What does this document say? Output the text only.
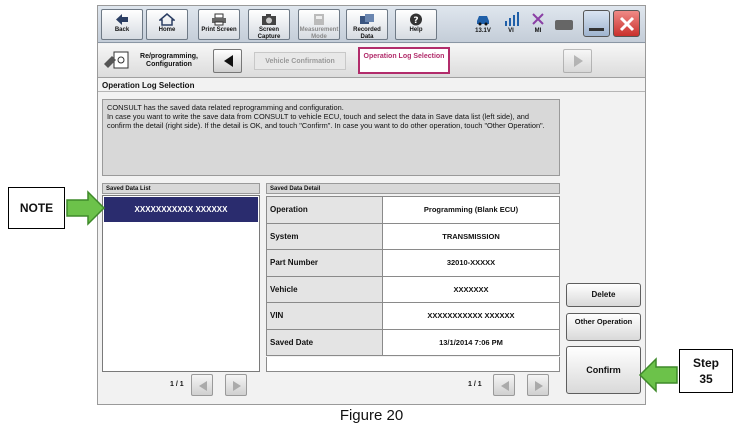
Back	Home	Print Screen	Screen Capture
Measurement Mode
Recorded Data
?
Help	13.1V	VI	MI
Re/programming, Configuration	Vehicle Confirmation
Operation Log Selection
Operation Log Selection
CONSULT has the saved data related reprogramming and configuration.
In case you want to write the save data from CONSULT to vehicle ECU, touch and select the data in Save data list (left side), and confirm the detail (right side). If the detail is OK, and touch "Confirm". In case you want to do other operation, touch "Other Operation".
Saved Data List
XXXXXXXXXXX XXXXXX
1 / 1
Saved Data Detail
Operation	Programming (Blank ECU)
System	TRANSMISSION
Part Number	32010-XXXXX
Vehicle	XXXXXXX
VIN	XXXXXXXXXXX XXXXXX
Saved Date	13/1/2014 7:06 PM
1 / 1
Delete
Other Operation
Confirm
NOTE
Step
35
Figure 20
